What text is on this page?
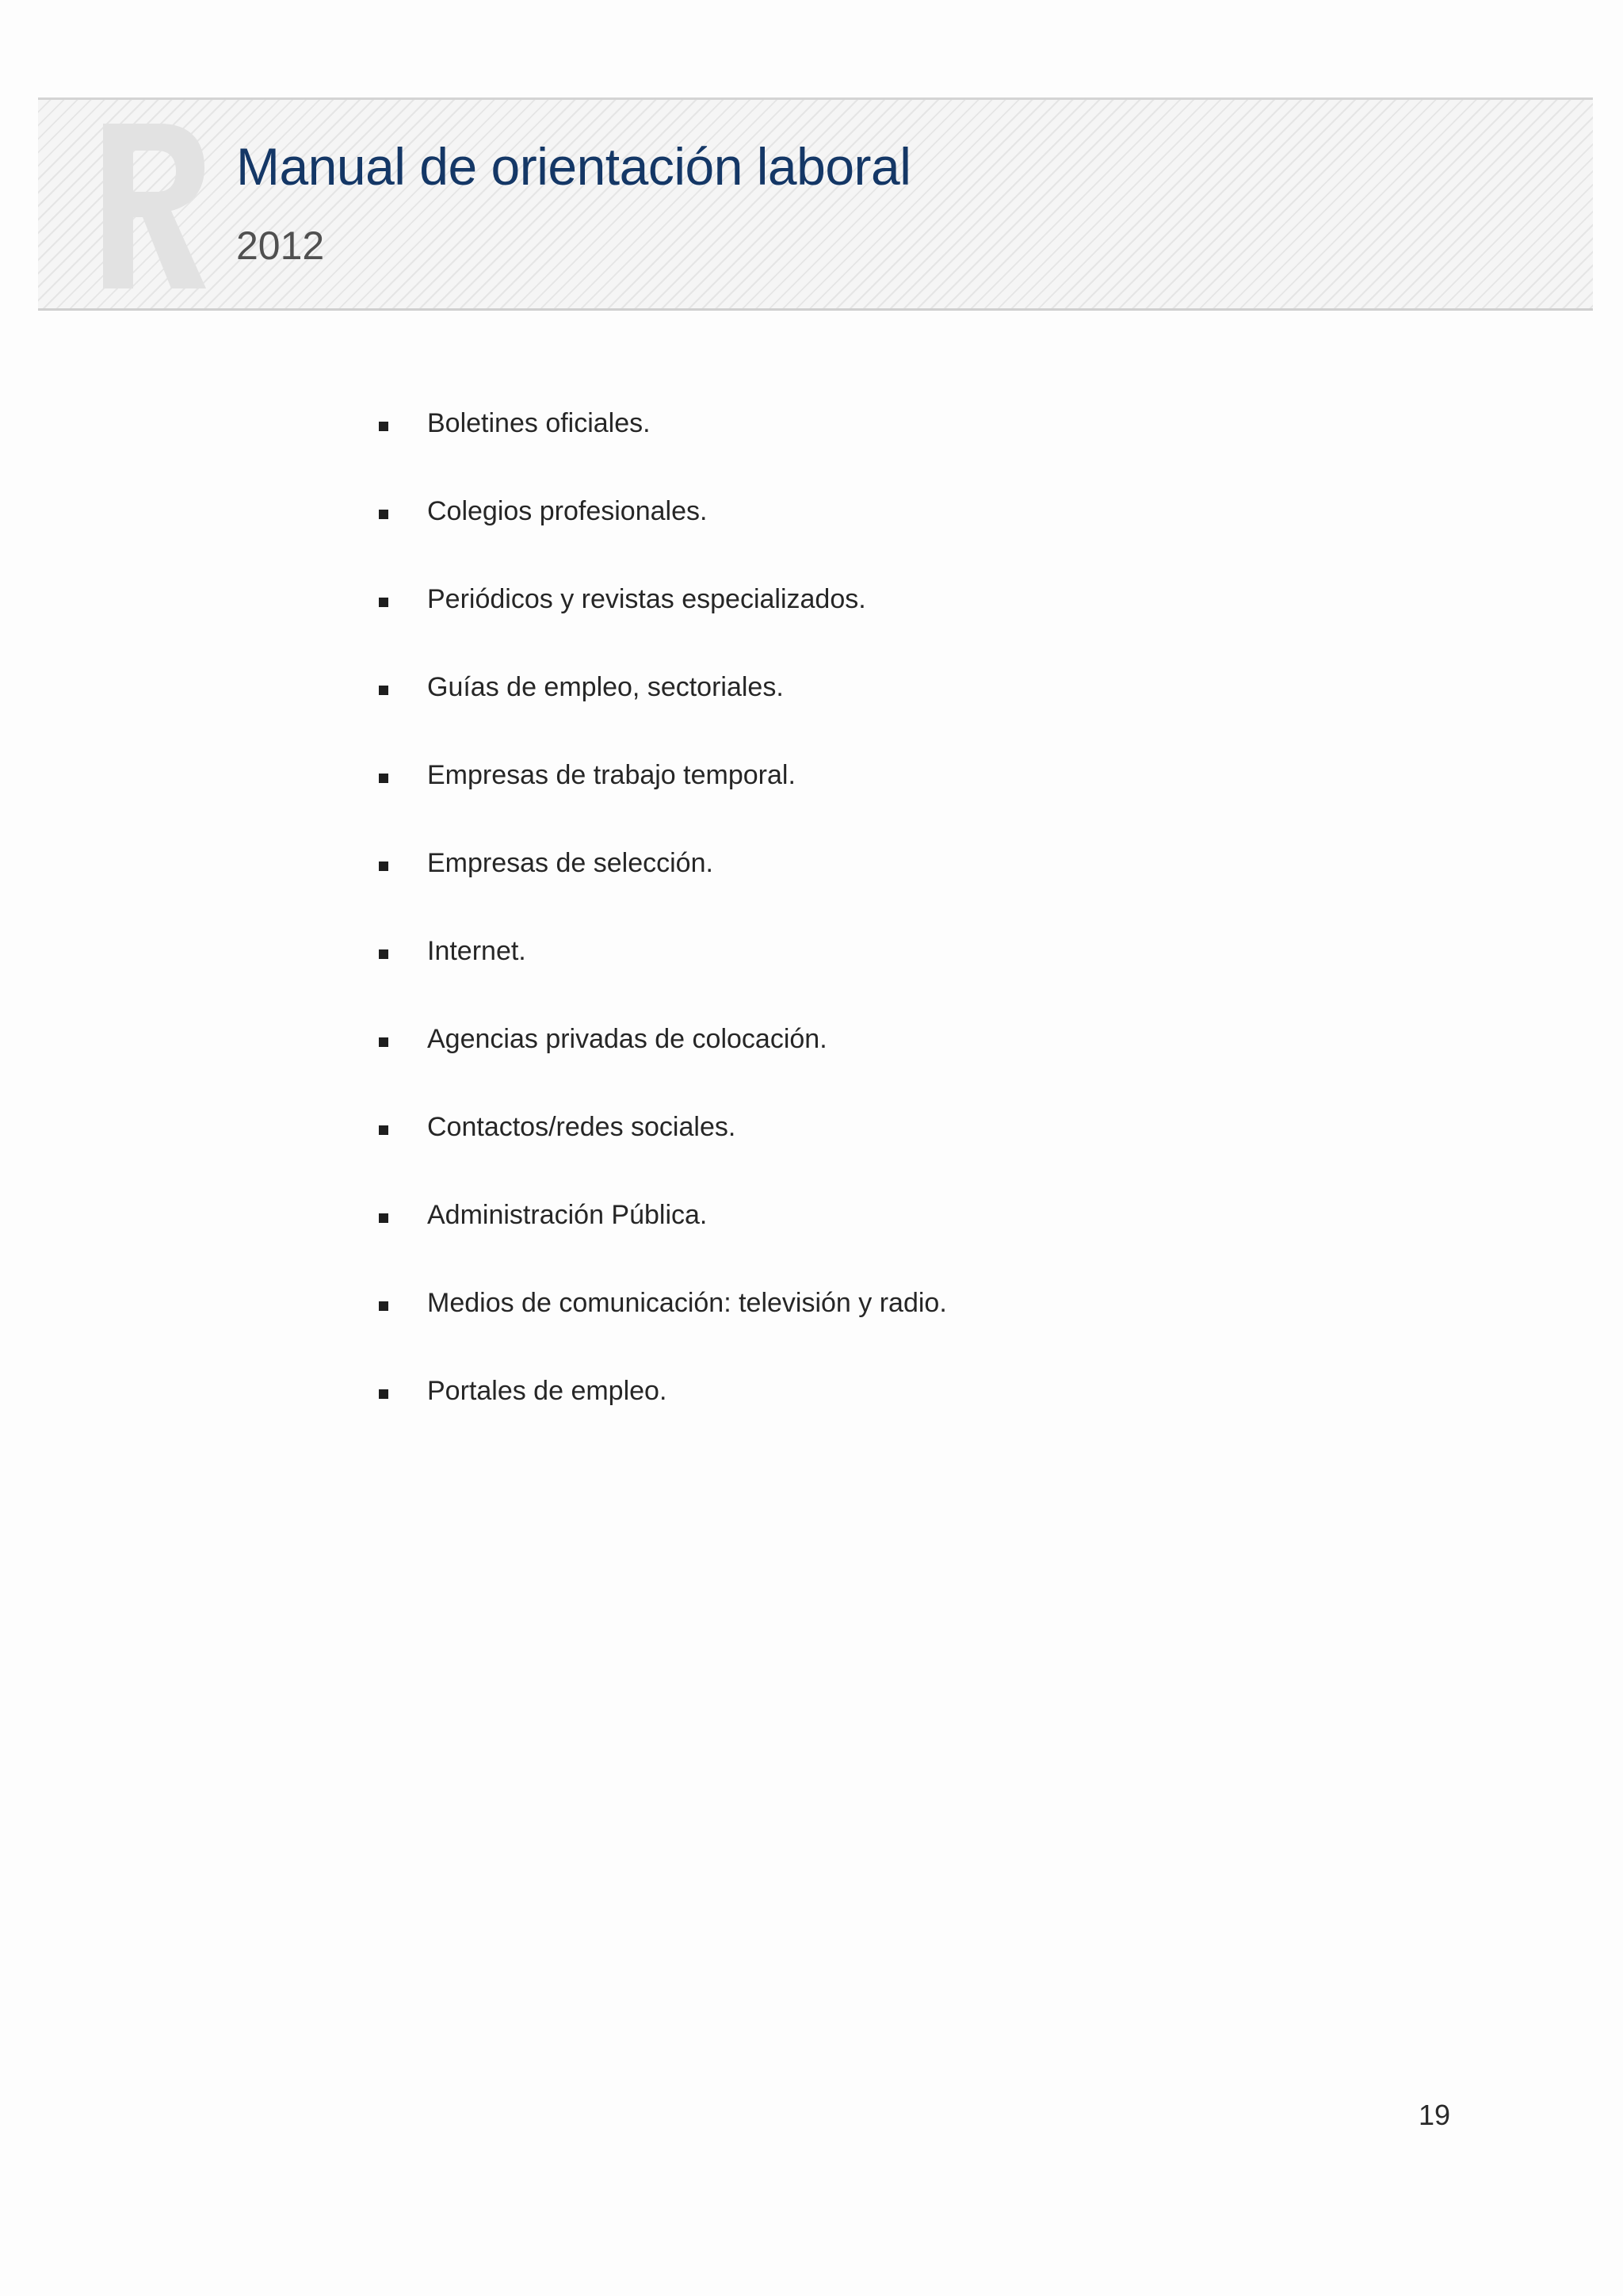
Manual de orientación laboral
2012
Boletines oficiales.
Colegios profesionales.
Periódicos y revistas especializados.
Guías de empleo, sectoriales.
Empresas de trabajo temporal.
Empresas de selección.
Internet.
Agencias privadas de colocación.
Contactos/redes sociales.
Administración Pública.
Medios de comunicación: televisión y radio.
Portales de empleo.
19
